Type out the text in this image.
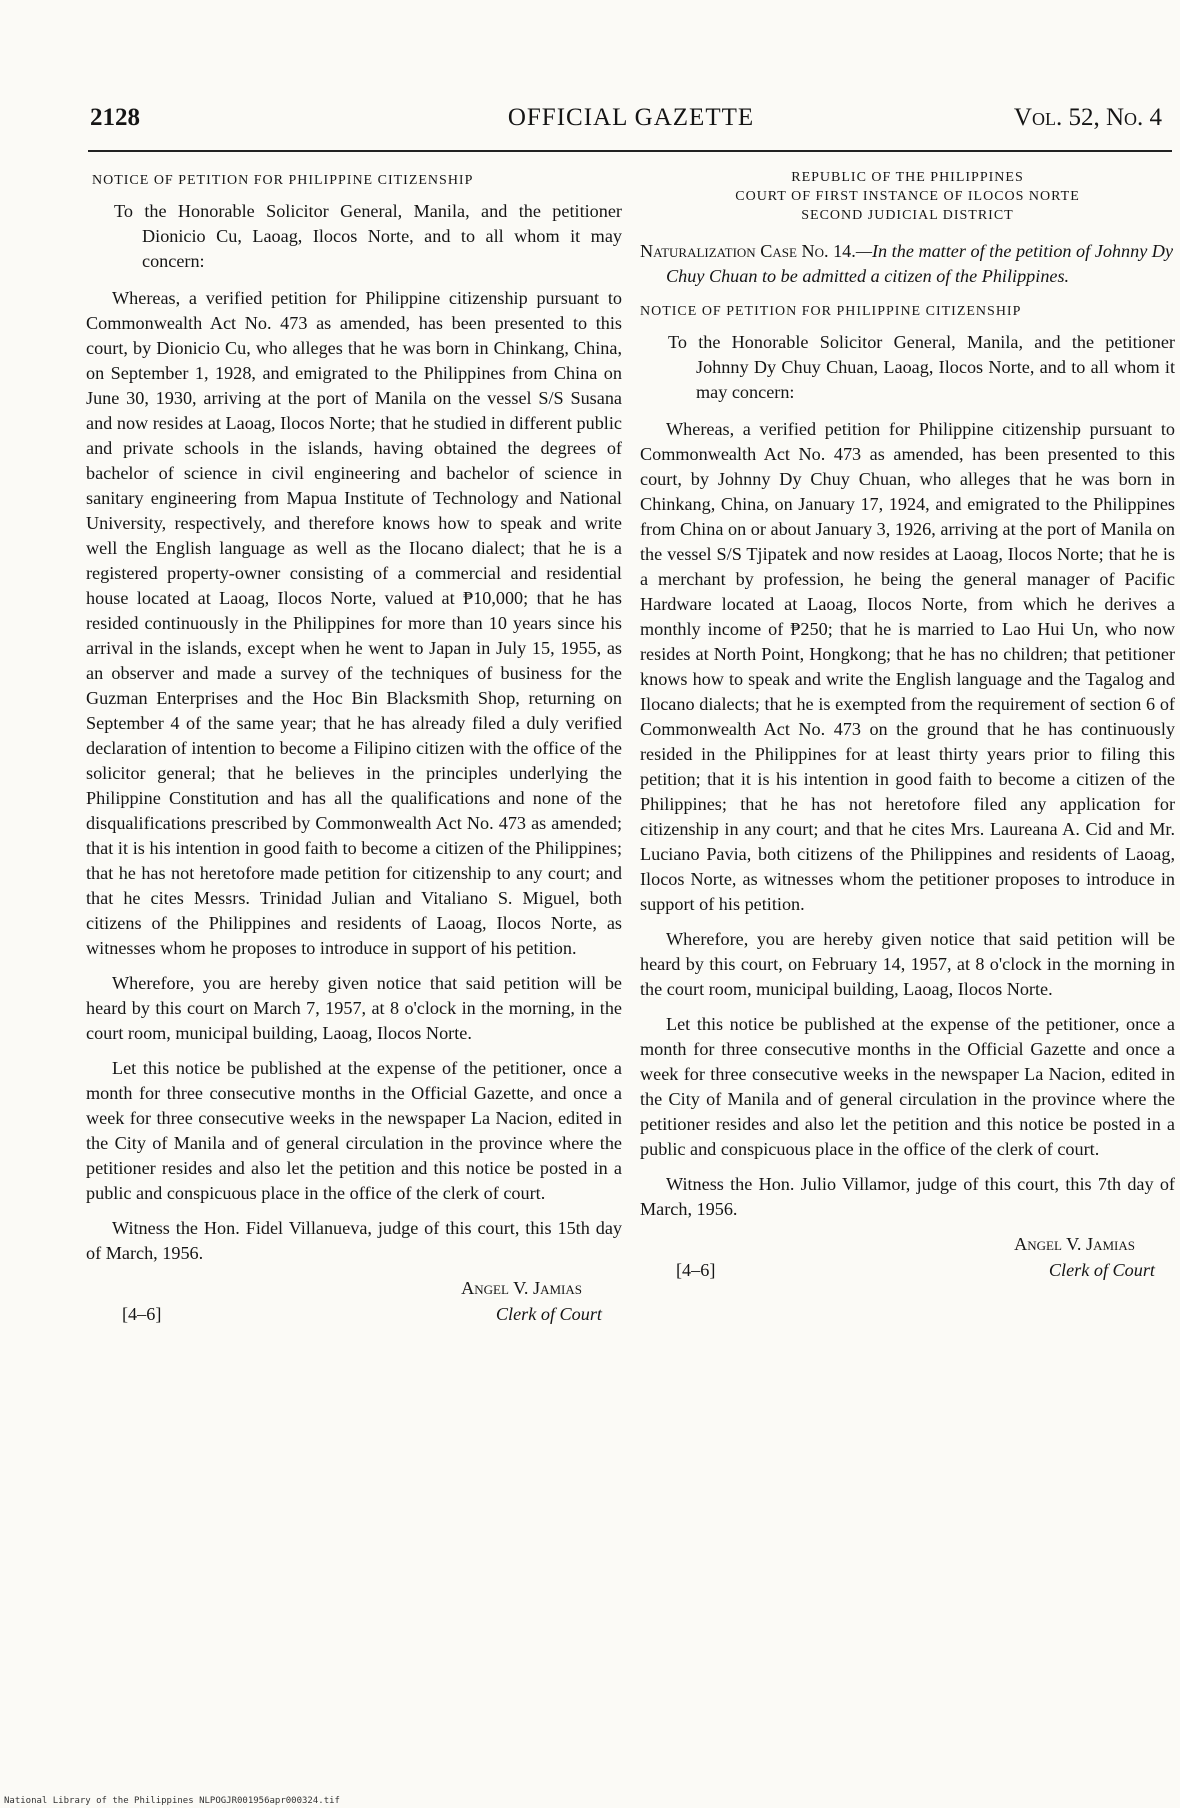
2128	OFFICIAL GAZETTE	Vol. 52, No. 4
NOTICE OF PETITION FOR PHILIPPINE CITIZENSHIP
To the Honorable Solicitor General, Manila, and the petitioner Dionicio Cu, Laoag, Ilocos Norte, and to all whom it may concern:

Whereas, a verified petition for Philippine citizenship pursuant to Commonwealth Act No. 473 as amended, has been presented to this court, by Dionicio Cu, who alleges that he was born in Chinkang, China, on September 1, 1928, and emigrated to the Philippines from China on June 30, 1930, arriving at the port of Manila on the vessel S/S Susana and now resides at Laoag, Ilocos Norte; that he studied in different public and private schools in the islands, having obtained the degrees of bachelor of science in civil engineering and bachelor of science in sanitary engineering from Mapua Institute of Technology and National University, respectively, and therefore knows how to speak and write well the English language as well as the Ilocano dialect; that he is a registered property-owner consisting of a commercial and residential house located at Laoag, Ilocos Norte, valued at ₱10,000; that he has resided continuously in the Philippines for more than 10 years since his arrival in the islands, except when he went to Japan in July 15, 1955, as an observer and made a survey of the techniques of business for the Guzman Enterprises and the Hoc Bin Blacksmith Shop, returning on September 4 of the same year; that he has already filed a duly verified declaration of intention to become a Filipino citizen with the office of the solicitor general; that he believes in the principles underlying the Philippine Constitution and has all the qualifications and none of the disqualifications prescribed by Commonwealth Act No. 473 as amended; that it is his intention in good faith to become a citizen of the Philippines; that he has not heretofore made petition for citizenship to any court; and that he cites Messrs. Trinidad Julian and Vitaliano S. Miguel, both citizens of the Philippines and residents of Laoag, Ilocos Norte, as witnesses whom he proposes to introduce in support of his petition.

Wherefore, you are hereby given notice that said petition will be heard by this court on March 7, 1957, at 8 o'clock in the morning, in the court room, municipal building, Laoag, Ilocos Norte.

Let this notice be published at the expense of the petitioner, once a month for three consecutive months in the Official Gazette, and once a week for three consecutive weeks in the newspaper La Nacion, edited in the City of Manila and of general circulation in the province where the petitioner resides and also let the petition and this notice be posted in a public and conspicuous place in the office of the clerk of court.

Witness the Hon. Fidel Villanueva, judge of this court, this 15th day of March, 1956.

[4–6]
Angel V. Jamias
Clerk of Court
REPUBLIC OF THE PHILIPPINES
COURT OF FIRST INSTANCE OF ILOCOS NORTE
SECOND JUDICIAL DISTRICT
Naturalization Case No. 14.—In the matter of the petition of Johnny Dy Chuy Chuan to be admitted a citizen of the Philippines.
NOTICE OF PETITION FOR PHILIPPINE CITIZENSHIP
To the Honorable Solicitor General, Manila, and the petitioner Johnny Dy Chuy Chuan, Laoag, Ilocos Norte, and to all whom it may concern:

Whereas, a verified petition for Philippine citizenship pursuant to Commonwealth Act No. 473 as amended, has been presented to this court, by Johnny Dy Chuy Chuan, who alleges that he was born in Chinkang, China, on January 17, 1924, and emigrated to the Philippines from China on or about January 3, 1926, arriving at the port of Manila on the vessel S/S Tjipatek and now resides at Laoag, Ilocos Norte; that he is a merchant by profession, he being the general manager of Pacific Hardware located at Laoag, Ilocos Norte, from which he derives a monthly income of ₱250; that he is married to Lao Hui Un, who now resides at North Point, Hongkong; that he has no children; that petitioner knows how to speak and write the English language and the Tagalog and Ilocano dialects; that he is exempted from the requirement of section 6 of Commonwealth Act No. 473 on the ground that he has continuously resided in the Philippines for at least thirty years prior to filing this petition; that it is his intention in good faith to become a citizen of the Philippines; that he has not heretofore filed any application for citizenship in any court; and that he cites Mrs. Laureana A. Cid and Mr. Luciano Pavia, both citizens of the Philippines and residents of Laoag, Ilocos Norte, as witnesses whom the petitioner proposes to introduce in support of his petition.

Wherefore, you are hereby given notice that said petition will be heard by this court, on February 14, 1957, at 8 o'clock in the morning in the court room, municipal building, Laoag, Ilocos Norte.

Let this notice be published at the expense of the petitioner, once a month for three consecutive months in the Official Gazette and once a week for three consecutive weeks in the newspaper La Nacion, edited in the City of Manila and of general circulation in the province where the petitioner resides and also let the petition and this notice be posted in a public and conspicuous place in the office of the clerk of court.

Witness the Hon. Julio Villamor, judge of this court, this 7th day of March, 1956.

[4–6]
Angel V. Jamias
Clerk of Court
National Library of the Philippines NLPOGJR001956apr000324.tif
